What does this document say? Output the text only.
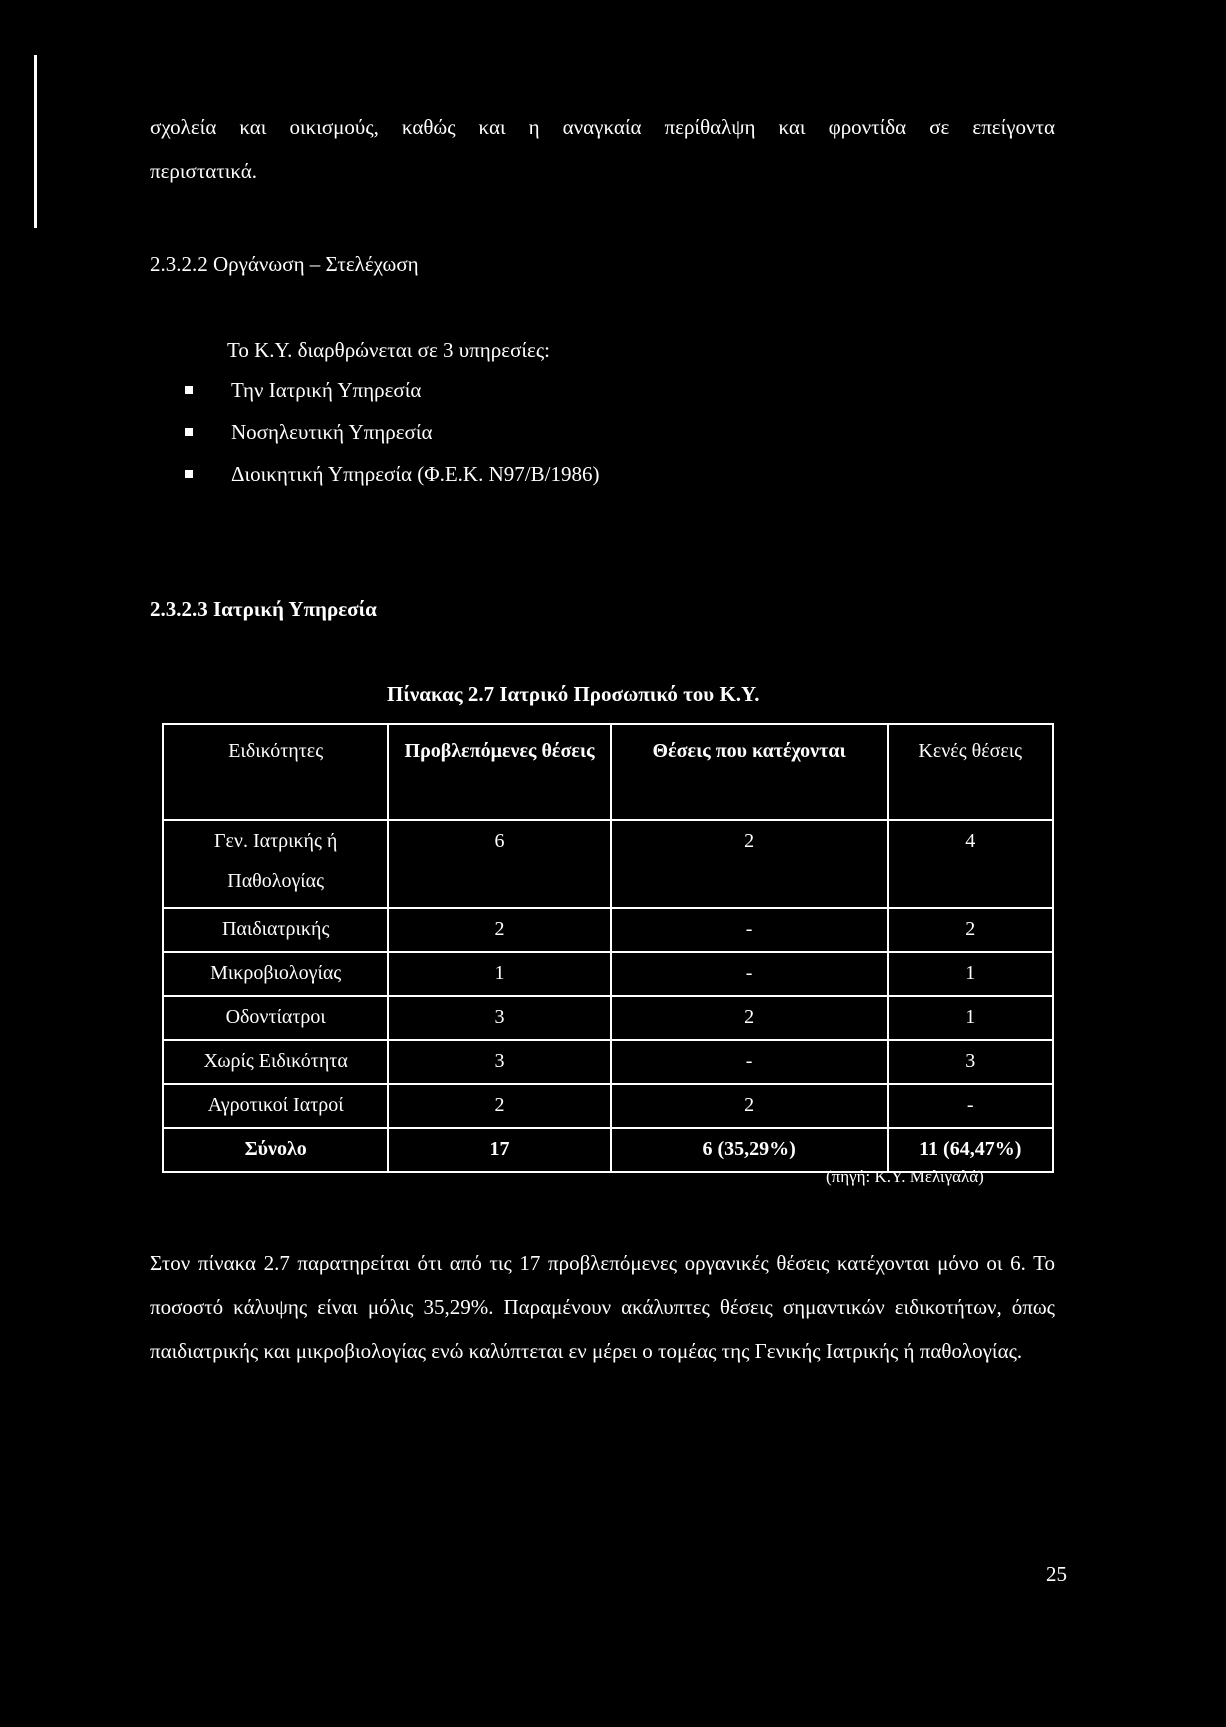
σχολεία και οικισμούς, καθώς και η αναγκαία περίθαλψη και φροντίδα σε επείγοντα
περιστατικά.
2.3.2.2 Οργάνωση – Στελέχωση
Το Κ.Υ. διαρθρώνεται σε 3 υπηρεσίες:
Την Ιατρική Υπηρεσία
Νοσηλευτική Υπηρεσία
Διοικητική Υπηρεσία (Φ.Ε.Κ. Ν97/Β/1986)
2.3.2.3 Ιατρική Υπηρεσία
Πίνακας 2.7 Ιατρικό Προσωπικό του Κ.Υ.
Ειδικότητες	Προβλεπόμενες θέσεις	Θέσεις που κατέχονται	Κενές θέσεις
Γεν. Ιατρικής ή Παθολογίας	6	2	4
Παιδιατρικής	2	-	2
Μικροβιολογίας	1	-	1
Οδοντίατροι	3	2	1
Χωρίς Ειδικότητα	3	-	3
Αγροτικοί Ιατροί	2	2	-
Σύνολο	17	6 (35,29%)	11 (64,47%)
(πηγή: Κ.Υ. Μελιγαλά)
Στον πίνακα 2.7 παρατηρείται ότι από τις 17 προβλεπόμενες οργανικές θέσεις κατέχονται μόνο οι 6. Το ποσοστό κάλυψης είναι μόλις 35,29%. Παραμένουν ακάλυπτες θέσεις σημαντικών ειδικοτήτων, όπως παιδιατρικής και μικροβιολογίας ενώ καλύπτεται εν μέρει ο τομέας της Γενικής Ιατρικής ή παθολογίας.
25
